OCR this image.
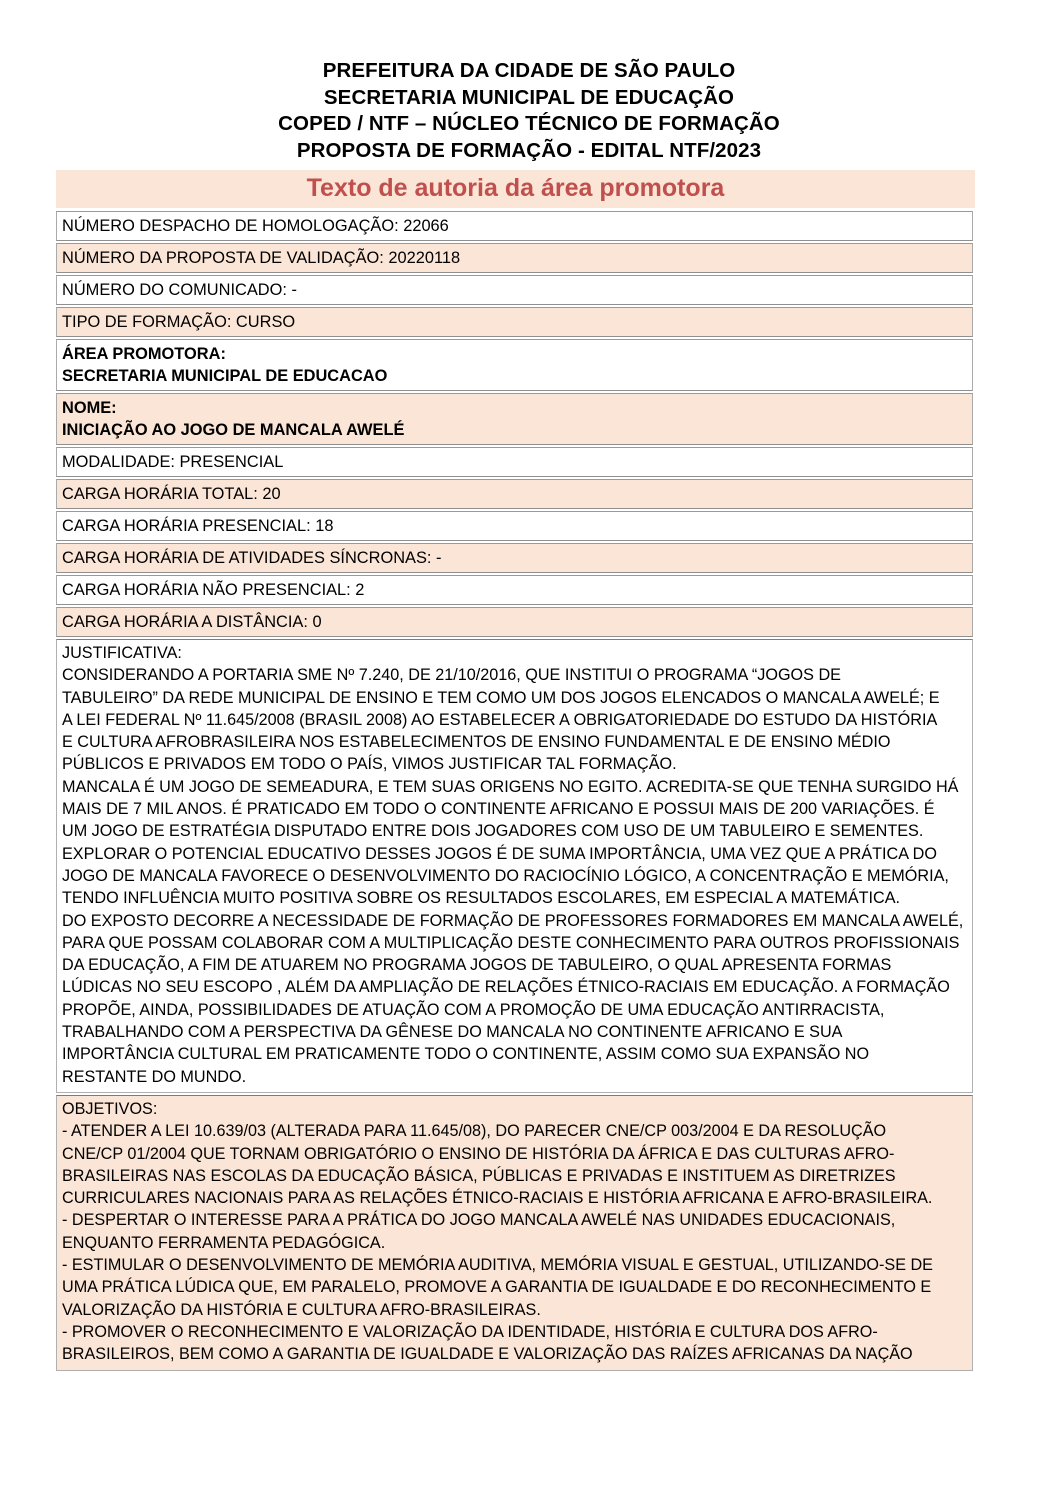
PREFEITURA DA CIDADE DE SÃO PAULO
SECRETARIA MUNICIPAL DE EDUCAÇÃO
COPED / NTF – NÚCLEO TÉCNICO DE FORMAÇÃO
PROPOSTA DE FORMAÇÃO - EDITAL NTF/2023
Texto de autoria da área promotora
NÚMERO DESPACHO DE HOMOLOGAÇÃO: 22066
NÚMERO DA PROPOSTA DE VALIDAÇÃO: 20220118
NÚMERO DO COMUNICADO: -
TIPO DE FORMAÇÃO: CURSO
ÁREA PROMOTORA:
SECRETARIA MUNICIPAL DE EDUCACAO
NOME:
INICIAÇÃO AO JOGO DE MANCALA AWELÉ
MODALIDADE: PRESENCIAL
CARGA HORÁRIA TOTAL: 20
CARGA HORÁRIA PRESENCIAL: 18
CARGA HORÁRIA DE ATIVIDADES SÍNCRONAS: -
CARGA HORÁRIA NÃO PRESENCIAL: 2
CARGA HORÁRIA A DISTÂNCIA: 0
JUSTIFICATIVA:
CONSIDERANDO A PORTARIA SME Nº 7.240, DE 21/10/2016, QUE INSTITUI O PROGRAMA “JOGOS DE
TABULEIRO” DA REDE MUNICIPAL DE ENSINO E TEM COMO UM DOS JOGOS ELENCADOS O MANCALA AWELÉ; E
A LEI FEDERAL Nº 11.645/2008 (BRASIL 2008) AO ESTABELECER A OBRIGATORIEDADE DO ESTUDO DA HISTÓRIA
E CULTURA AFROBRASILEIRA NOS ESTABELECIMENTOS DE ENSINO FUNDAMENTAL E DE ENSINO MÉDIO
PÚBLICOS E PRIVADOS EM TODO O PAÍS, VIMOS JUSTIFICAR TAL FORMAÇÃO.
MANCALA É UM JOGO DE SEMEADURA, E TEM SUAS ORIGENS NO EGITO. ACREDITA-SE QUE TENHA SURGIDO HÁ
MAIS DE 7 MIL ANOS. É PRATICADO EM TODO O CONTINENTE AFRICANO E POSSUI MAIS DE 200 VARIAÇÕES. É
UM JOGO DE ESTRATÉGIA DISPUTADO ENTRE DOIS JOGADORES COM USO DE UM TABULEIRO E SEMENTES.
EXPLORAR O POTENCIAL EDUCATIVO DESSES JOGOS É DE SUMA IMPORTÂNCIA, UMA VEZ QUE A PRÁTICA DO
JOGO DE MANCALA FAVORECE O DESENVOLVIMENTO DO RACIOCÍNIO LÓGICO, A CONCENTRAÇÃO E MEMÓRIA,
TENDO INFLUÊNCIA MUITO POSITIVA SOBRE OS RESULTADOS ESCOLARES, EM ESPECIAL A MATEMÁTICA.
DO EXPOSTO DECORRE A NECESSIDADE DE FORMAÇÃO DE PROFESSORES FORMADORES EM MANCALA AWELÉ,
PARA QUE POSSAM COLABORAR COM A MULTIPLICAÇÃO DESTE CONHECIMENTO PARA OUTROS PROFISSIONAIS
DA EDUCAÇÃO, A FIM DE ATUAREM NO PROGRAMA JOGOS DE TABULEIRO, O QUAL APRESENTA FORMAS
LÚDICAS NO SEU ESCOPO , ALÉM DA AMPLIAÇÃO DE RELAÇÕES ÉTNICO-RACIAIS EM EDUCAÇÃO. A FORMAÇÃO
PROPÕE, AINDA, POSSIBILIDADES DE ATUAÇÃO COM A PROMOÇÃO DE UMA EDUCAÇÃO ANTIRRACISTA,
TRABALHANDO COM A PERSPECTIVA DA GÊNESE DO MANCALA NO CONTINENTE AFRICANO E SUA
IMPORTÂNCIA CULTURAL EM PRATICAMENTE TODO O CONTINENTE, ASSIM COMO SUA EXPANSÃO NO
RESTANTE DO MUNDO.
OBJETIVOS:
- ATENDER A LEI 10.639/03 (ALTERADA PARA 11.645/08), DO PARECER CNE/CP 003/2004 E DA RESOLUÇÃO
CNE/CP 01/2004 QUE TORNAM OBRIGATÓRIO O ENSINO DE HISTÓRIA DA ÁFRICA E DAS CULTURAS AFRO-
BRASILEIRAS NAS ESCOLAS DA EDUCAÇÃO BÁSICA, PÚBLICAS E PRIVADAS E INSTITUEM AS DIRETRIZES
CURRICULARES NACIONAIS PARA AS RELAÇÕES ÉTNICO-RACIAIS E HISTÓRIA AFRICANA E AFRO-BRASILEIRA.
- DESPERTAR O INTERESSE PARA A PRÁTICA DO JOGO MANCALA AWELÉ NAS UNIDADES EDUCACIONAIS,
ENQUANTO FERRAMENTA PEDAGÓGICA.
- ESTIMULAR O DESENVOLVIMENTO DE MEMÓRIA AUDITIVA, MEMÓRIA VISUAL E GESTUAL, UTILIZANDO-SE DE
UMA PRÁTICA LÚDICA QUE, EM PARALELO, PROMOVE A GARANTIA DE IGUALDADE E DO RECONHECIMENTO E
VALORIZAÇÃO DA HISTÓRIA E CULTURA AFRO-BRASILEIRAS.
- PROMOVER O RECONHECIMENTO E VALORIZAÇÃO DA IDENTIDADE, HISTÓRIA E CULTURA DOS AFRO-
BRASILEIROS, BEM COMO A GARANTIA DE IGUALDADE E VALORIZAÇÃO DAS RAÍZES AFRICANAS DA NAÇÃO
